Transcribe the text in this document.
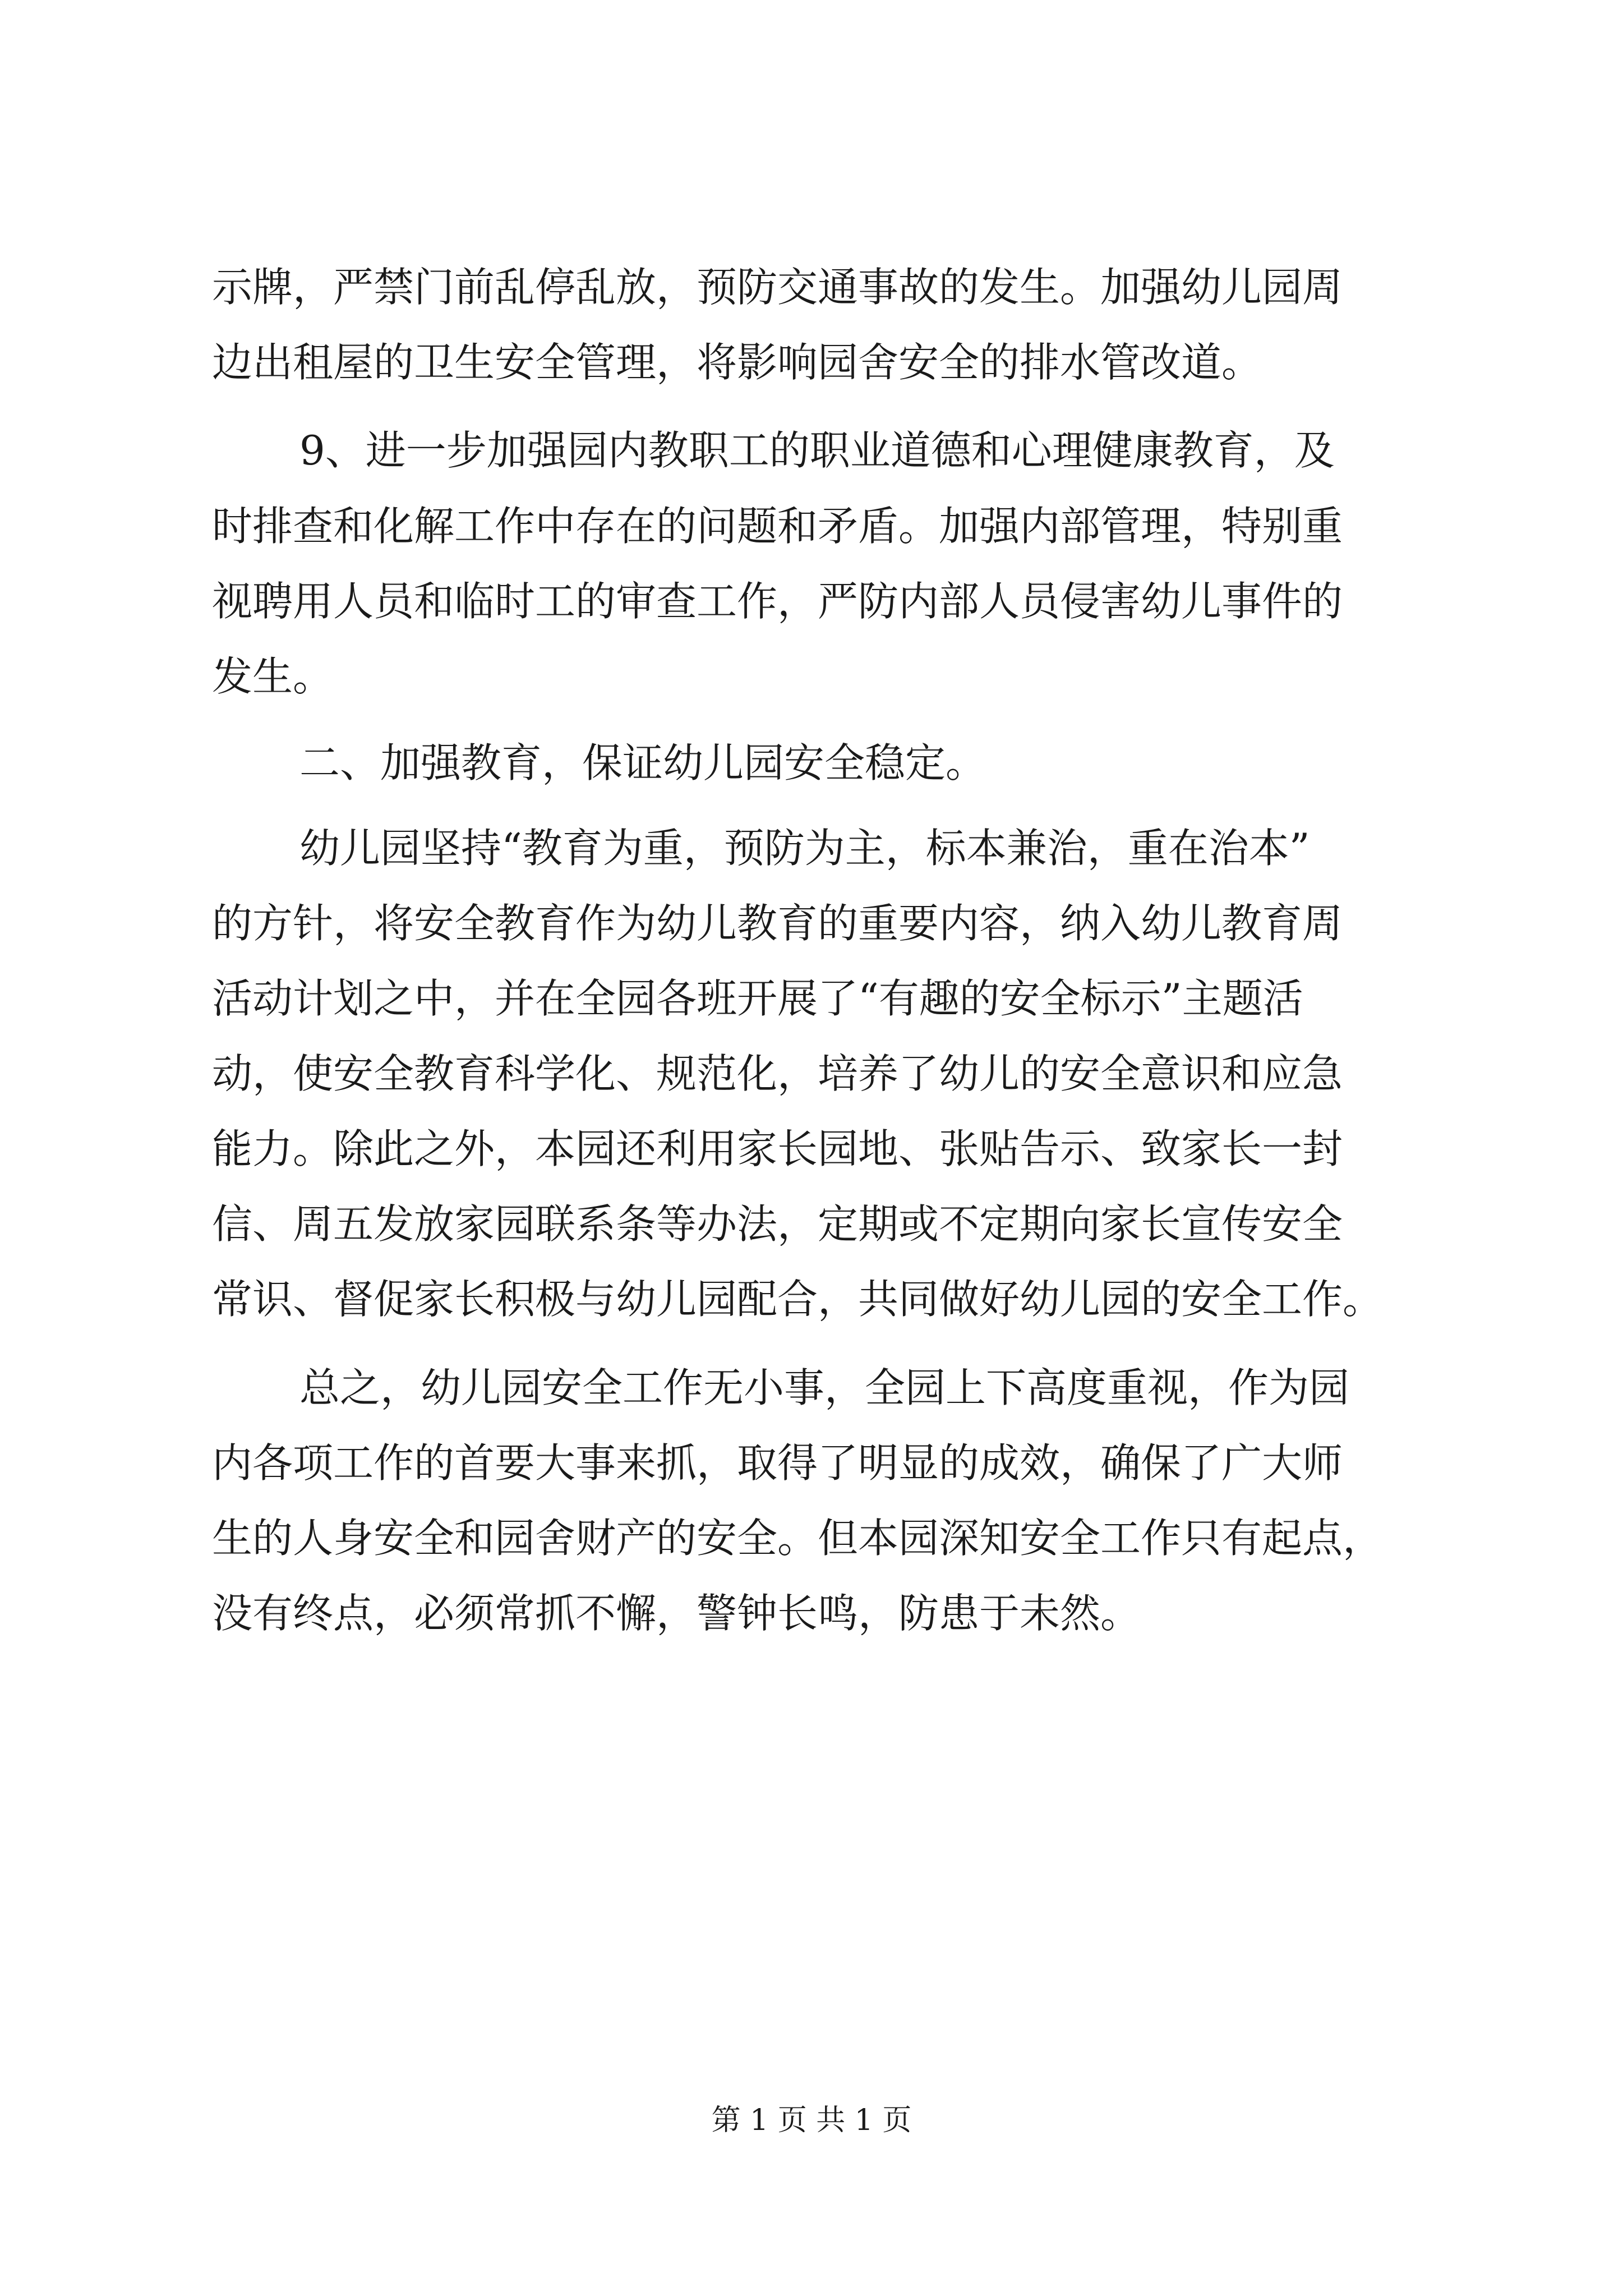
示牌，严禁门前乱停乱放，预防交通事故的发生。加强幼儿园周
边出租屋的卫生安全管理，将影响园舍安全的排水管改道。
9、进一步加强园内教职工的职业道德和心理健康教育，及
时排查和化解工作中存在的问题和矛盾。加强内部管理，特别重
视聘用人员和临时工的审查工作，严防内部人员侵害幼儿事件的
发生。
二、加强教育，保证幼儿园安全稳定。
幼儿园坚持“教育为重，预防为主，标本兼治，重在治本”
的方针，将安全教育作为幼儿教育的重要内容，纳入幼儿教育周
活动计划之中，并在全园各班开展了“有趣的安全标示”主题活
动，使安全教育科学化、规范化，培养了幼儿的安全意识和应急
能力。除此之外，本园还利用家长园地、张贴告示、致家长一封
信、周五发放家园联系条等办法，定期或不定期向家长宣传安全
常识、督促家长积极与幼儿园配合，共同做好幼儿园的安全工作。
总之，幼儿园安全工作无小事，全园上下高度重视，作为园
内各项工作的首要大事来抓，取得了明显的成效，确保了广大师
生的人身安全和园舍财产的安全。但本园深知安全工作只有起点，
没有终点，必须常抓不懈，警钟长鸣，防患于未然。
第 1 页 共 1 页
